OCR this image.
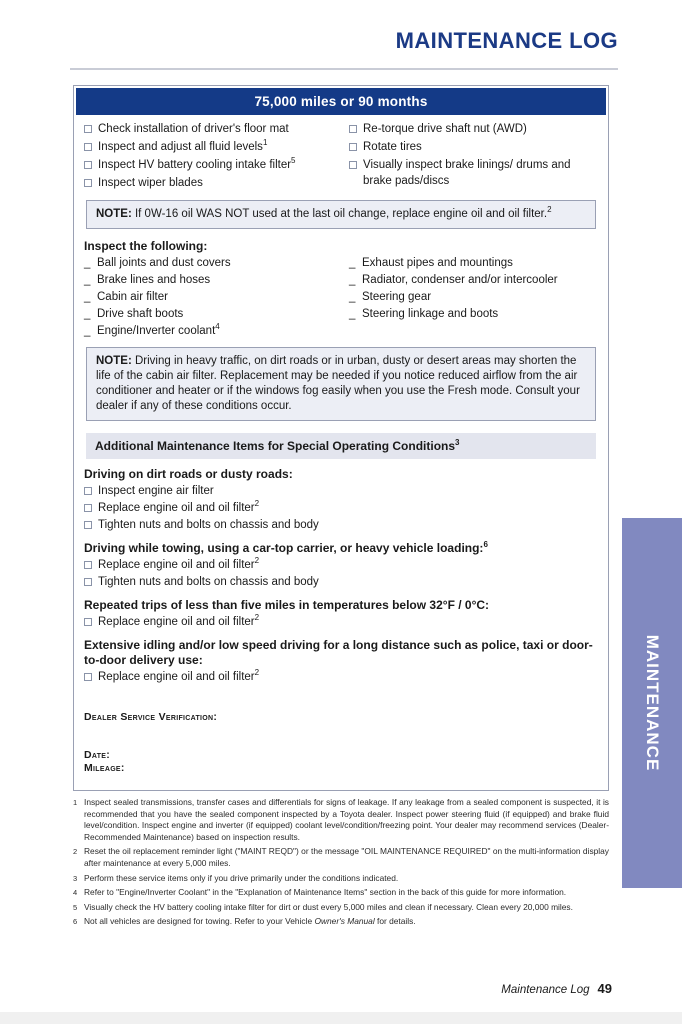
MAINTENANCE LOG
75,000 miles or 90 months
Check installation of driver's floor mat
Inspect and adjust all fluid levels$^1$
Inspect HV battery cooling intake filter$^5$
Inspect wiper blades
Re-torque drive shaft nut (AWD)
Rotate tires
Visually inspect brake linings/ drums and brake pads/discs
NOTE: If 0W-16 oil WAS NOT used at the last oil change, replace engine oil and oil filter.$^2$
Inspect the following:
_ Ball joints and dust covers
_ Brake lines and hoses
_ Cabin air filter
_ Drive shaft boots
_ Engine/Inverter coolant$^4$
_ Exhaust pipes and mountings
_ Radiator, condenser and/or intercooler
_ Steering gear
_ Steering linkage and boots
NOTE: Driving in heavy traffic, on dirt roads or in urban, dusty or desert areas may shorten the life of the cabin air filter. Replacement may be needed if you notice reduced airflow from the air conditioner and heater or if the windows fog easily when you use the Fresh mode. Consult your dealer if any of these conditions occur.
Additional Maintenance Items for Special Operating Conditions$^3$
Driving on dirt roads or dusty roads:
Inspect engine air filter
Replace engine oil and oil filter$^2$
Tighten nuts and bolts on chassis and body
Driving while towing, using a car-top carrier, or heavy vehicle loading:$^6$
Replace engine oil and oil filter$^2$
Tighten nuts and bolts on chassis and body
Repeated trips of less than five miles in temperatures below 32°F / 0°C:
Replace engine oil and oil filter$^2$
Extensive idling and/or low speed driving for a long distance such as police, taxi or door-to-door delivery use:
Replace engine oil and oil filter$^2$
Dealer Service Verification:
Date:
Mileage:
1 Inspect sealed transmissions, transfer cases and differentials for signs of leakage. If any leakage from a sealed component is suspected, it is recommended that you have the sealed component inspected by a Toyota dealer. Inspect power steering fluid (if equipped) and brake fluid level/condition. Inspect engine and inverter (if equipped) coolant level/condition/freezing point. Your dealer may recommend services (Dealer-Recommended Maintenance) based on inspection results.
2 Reset the oil replacement reminder light ("MAINT REQD") or the message "OIL MAINTENANCE REQUIRED" on the multi-information display after maintenance at every 5,000 miles.
3 Perform these service items only if you drive primarily under the conditions indicated.
4 Refer to "Engine/Inverter Coolant" in the "Explanation of Maintenance Items" section in the back of this guide for more information.
5 Visually check the HV battery cooling intake filter for dirt or dust every 5,000 miles and clean if necessary. Clean every 20,000 miles.
6 Not all vehicles are designed for towing. Refer to your Vehicle Owner's Manual for details.
Maintenance Log 49
MAINTENANCE
